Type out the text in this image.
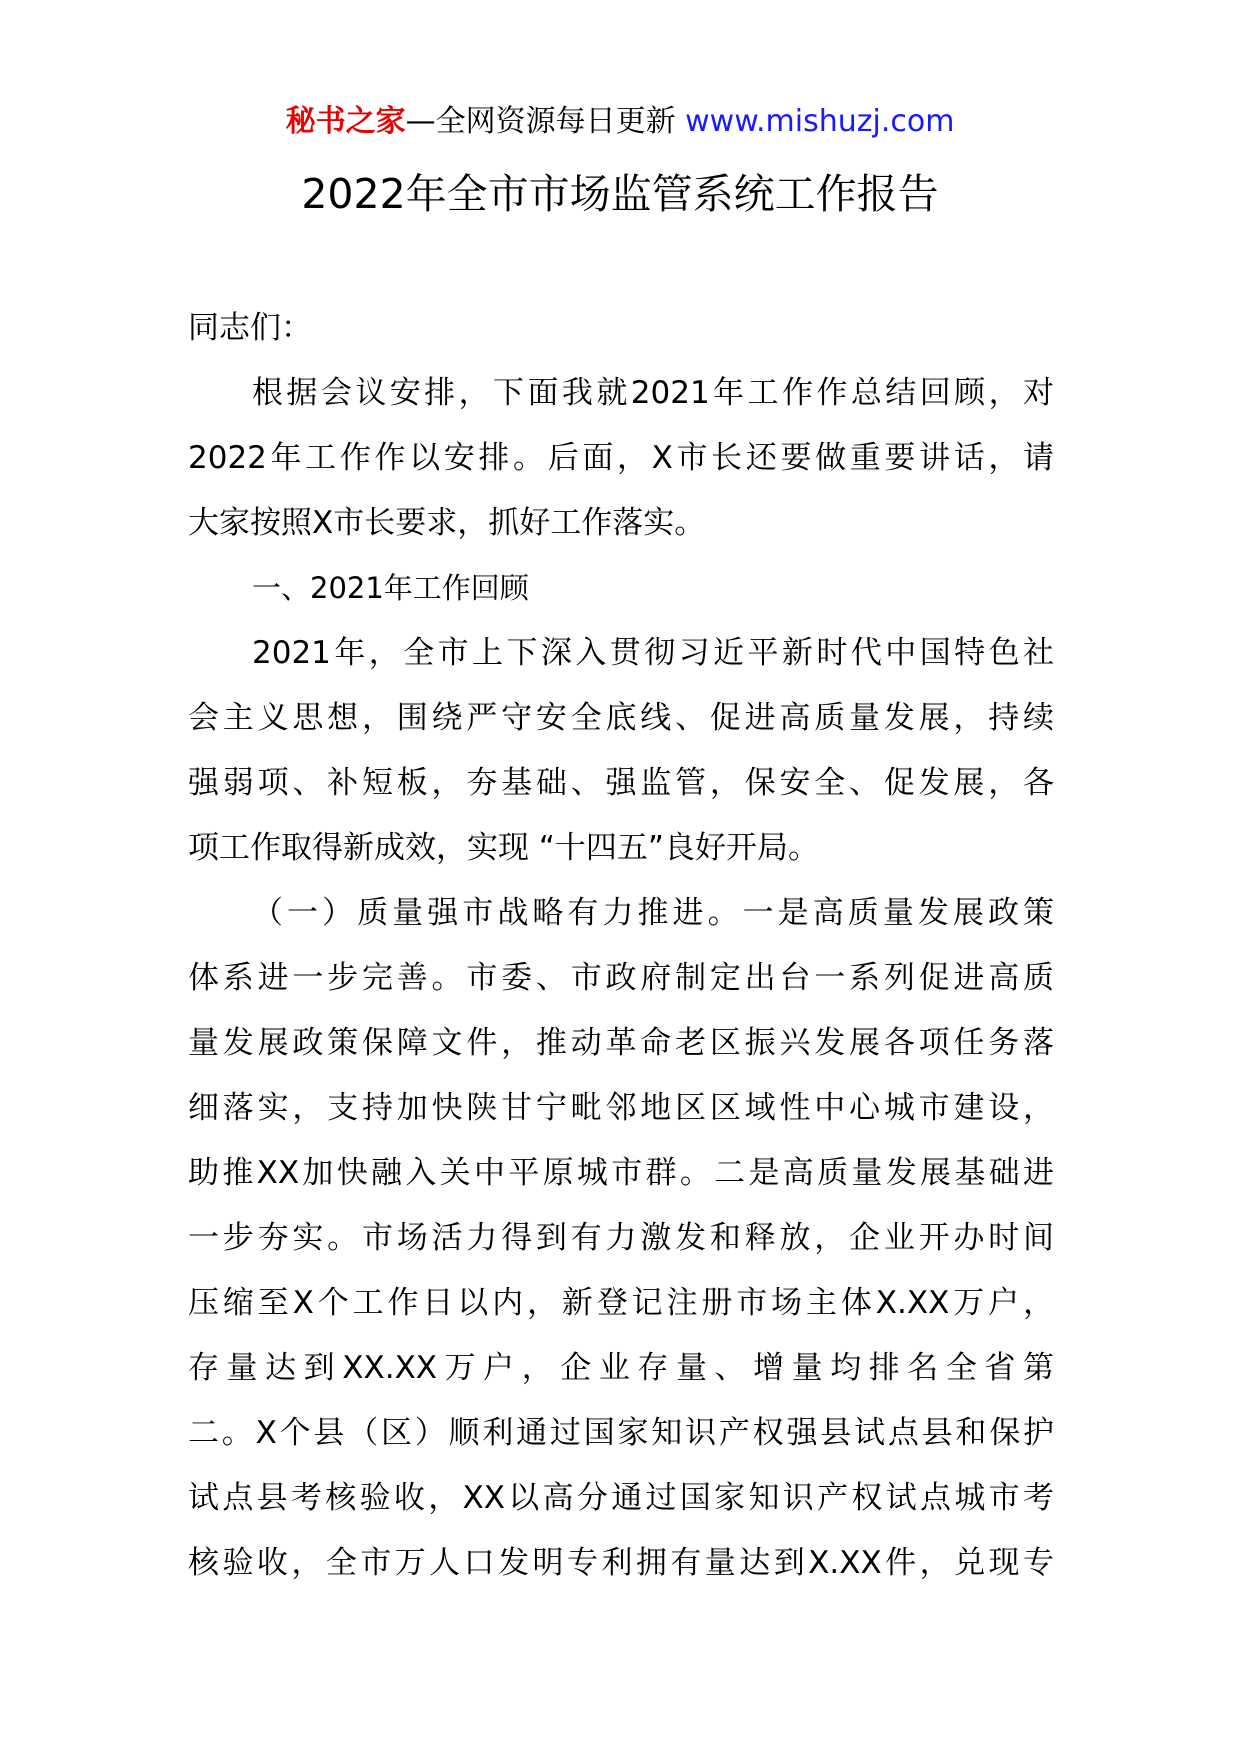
秘书之家—全网资源每日更新 www.mishuzj.com
2022年全市市场监管系统工作报告
同志们：
根据会议安排，下面我就2021年工作作总结回顾，对
2022年工作作以安排。后面，X市长还要做重要讲话，请
大家按照X市长要求，抓好工作落实。
一、2021年工作回顾
2021年，全市上下深入贯彻习近平新时代中国特色社
会主义思想，围绕严守安全底线、促进高质量发展，持续
强弱项、补短板，夯基础、强监管，保安全、促发展，各
项工作取得新成效，实现 “十四五”良好开局。
（一）质量强市战略有力推进。一是高质量发展政策
体系进一步完善。市委、市政府制定出台一系列促进高质
量发展政策保障文件，推动革命老区振兴发展各项任务落
细落实，支持加快陕甘宁毗邻地区区域性中心城市建设，
助推XX加快融入关中平原城市群。二是高质量发展基础进
一步夯实。市场活力得到有力激发和释放，企业开办时间
压缩至X个工作日以内，新登记注册市场主体X.XX万户，
存量达到XX.XX万户，企业存量、增量均排名全省第
二。X个县（区）顺利通过国家知识产权强县试点县和保护
试点县考核验收，XX以高分通过国家知识产权试点城市考
核验收，全市万人口发明专利拥有量达到X.XX件，兑现专
